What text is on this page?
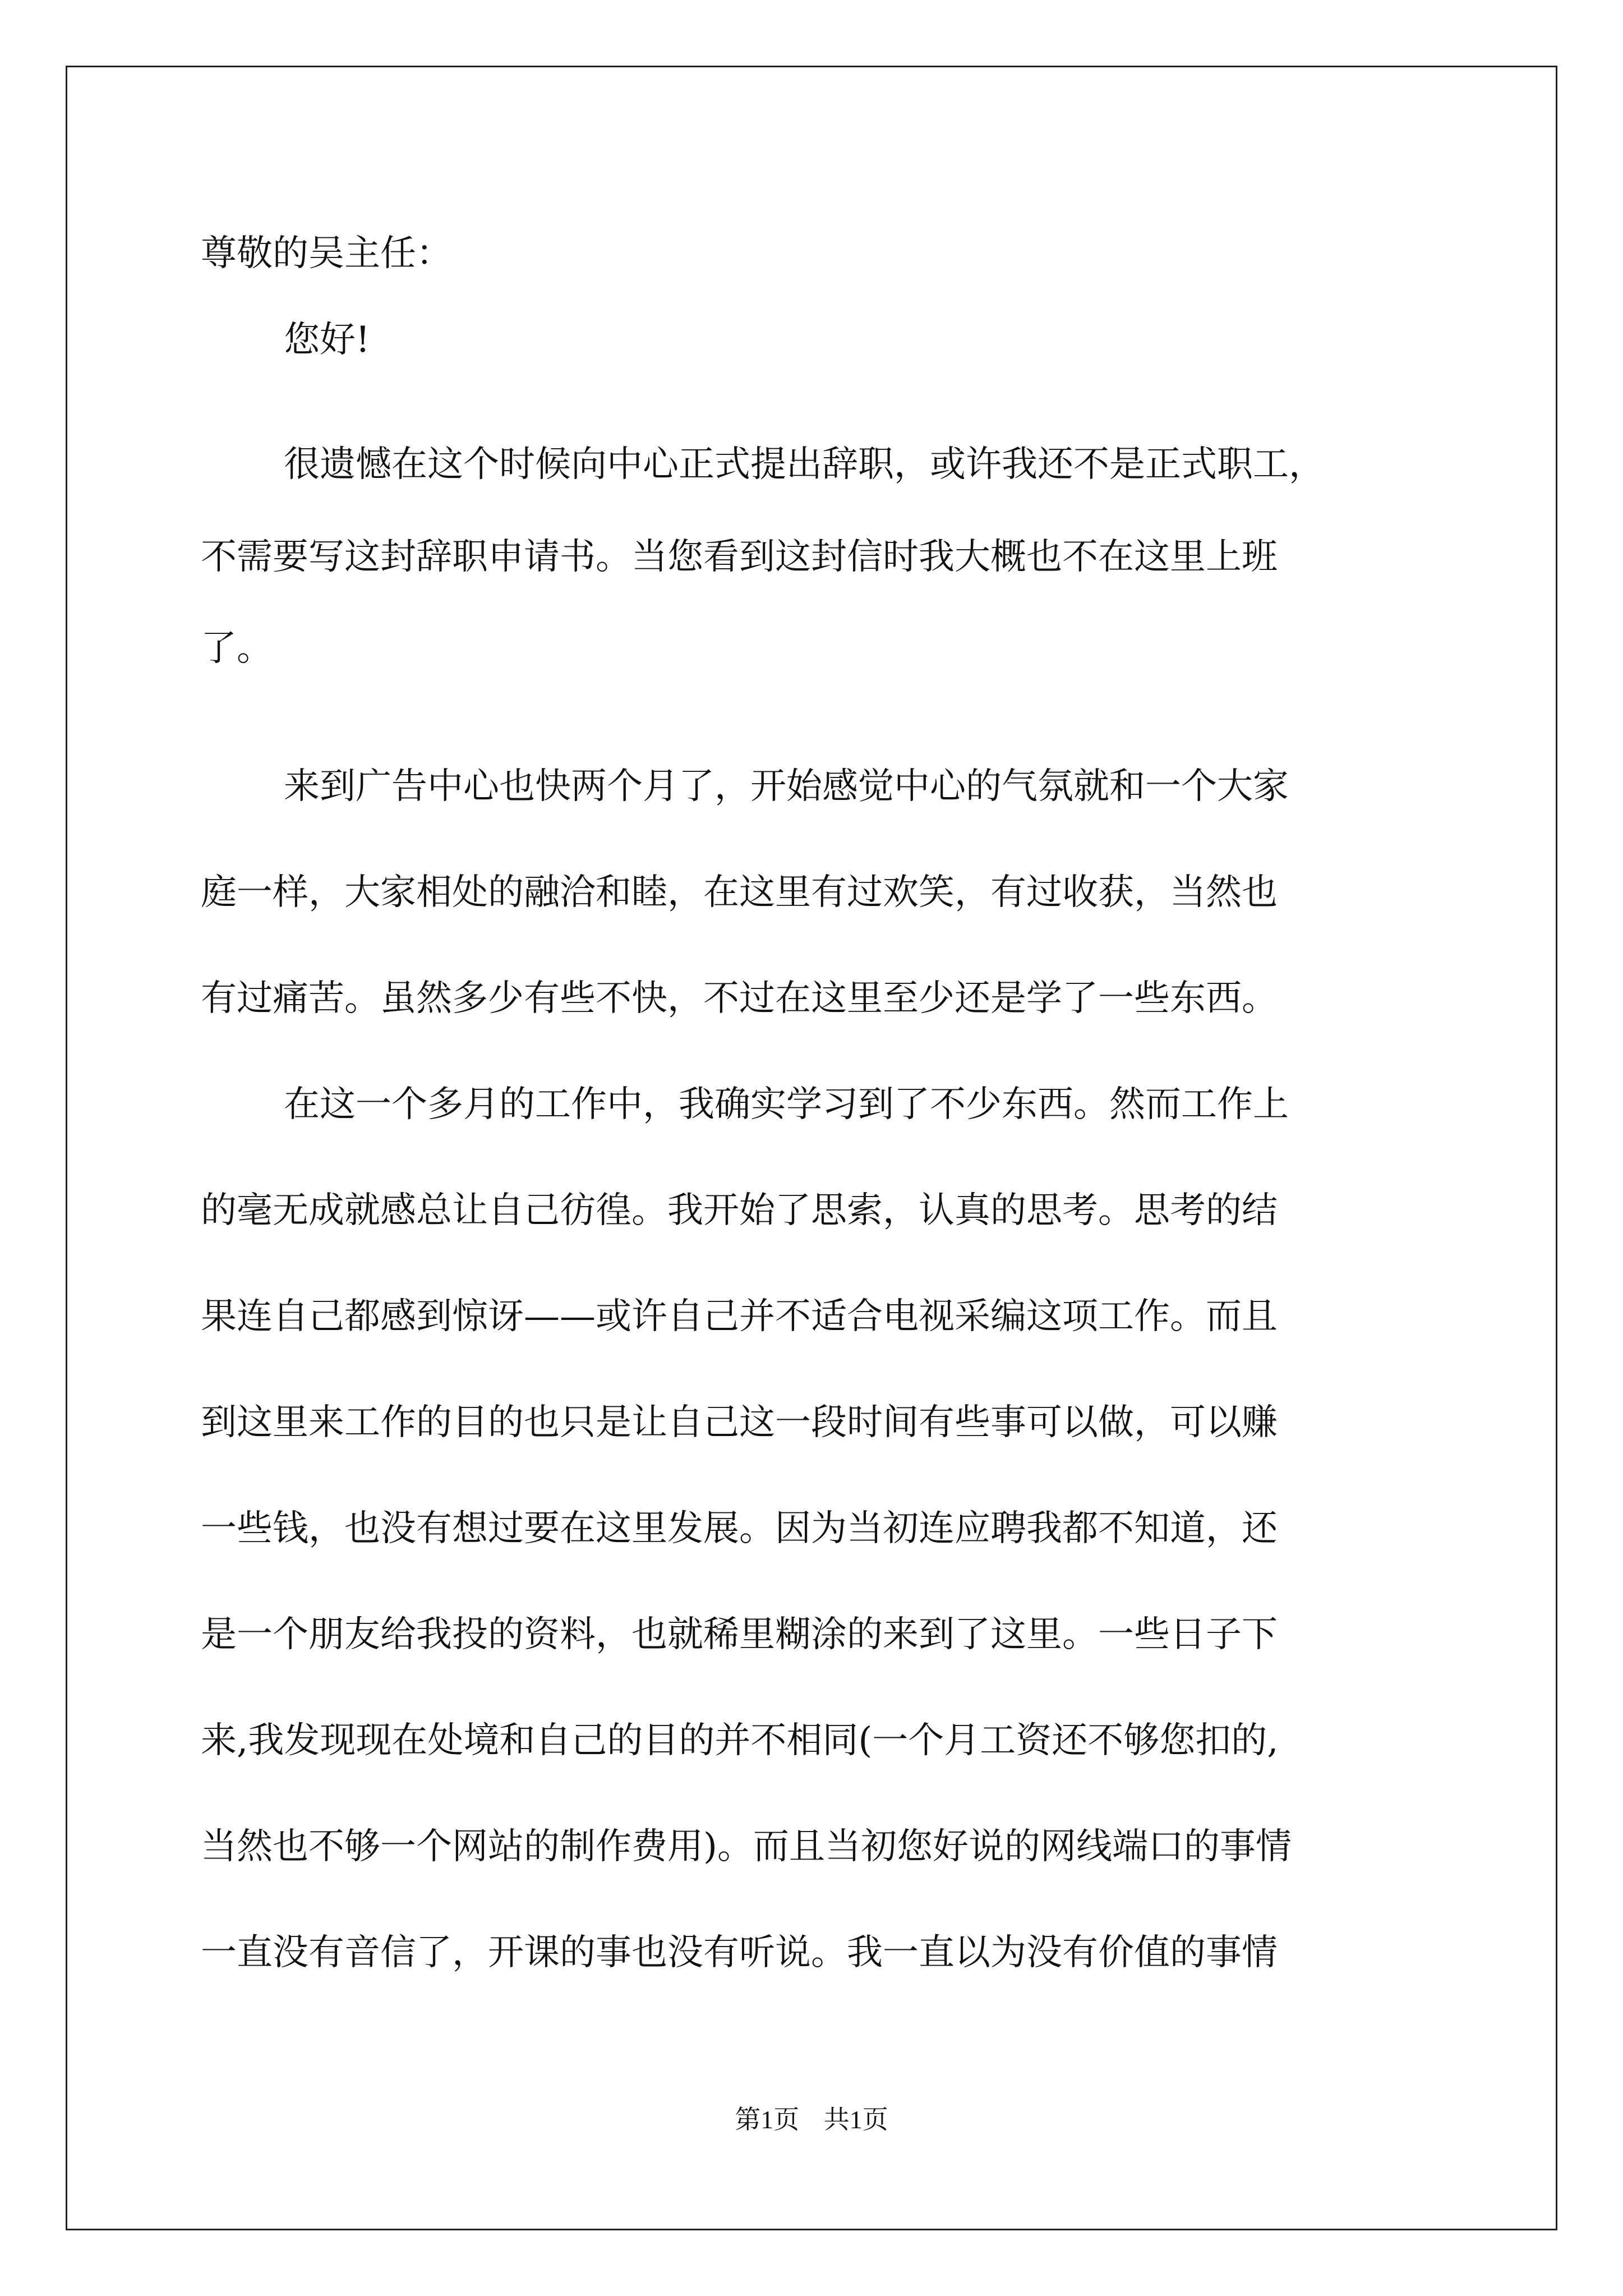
尊敬的吴主任：
您好!
很遗憾在这个时候向中心正式提出辞职，或许我还不是正式职工，
不需要写这封辞职申请书。当您看到这封信时我大概也不在这里上班
了。
来到广告中心也快两个月了，开始感觉中心的气氛就和一个大家
庭一样，大家相处的融洽和睦，在这里有过欢笑，有过收获，当然也
有过痛苦。虽然多少有些不快，不过在这里至少还是学了一些东西。
在这一个多月的工作中，我确实学习到了不少东西。然而工作上
的毫无成就感总让自己彷徨。我开始了思索，认真的思考。思考的结
果连自己都感到惊讶——或许自己并不适合电视采编这项工作。而且
到这里来工作的目的也只是让自己这一段时间有些事可以做，可以赚
一些钱，也没有想过要在这里发展。因为当初连应聘我都不知道，还
是一个朋友给我投的资料，也就稀里糊涂的来到了这里。一些日子下
来,我发现现在处境和自己的目的并不相同(一个月工资还不够您扣的,
当然也不够一个网站的制作费用)。而且当初您好说的网线端口的事情
一直没有音信了，开课的事也没有听说。我一直以为没有价值的事情
第1页 共1页
